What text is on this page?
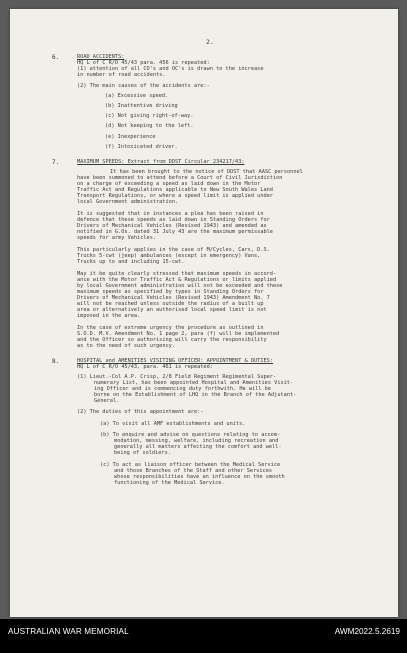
2.
6.	ROAD ACCIDENTS:
HQ L of C R/O 45/43 para. 456 is repeated:
(1) attention of all CO's and OC's is drawn to the increase
in number of road accidents.
(2) The main causes of the accidents are:-
(a) Excessive speed.
(b) Inattentive driving
(c) Not giving right-of-way.
(d) Not keeping to the left.
(e) Inexperience
(f) Intoxicated driver.
7.	MAXIMUM SPEEDS: Extract from DDST Circular 234217/43:
It has been brought to the notice of DDST that AASC personnel
have been summoned to attend before a Court of Civil Jurisdiction
on a charge of exceeding a speed as laid down in the Motor
Traffic Act and Regulations applicable to New South Wales Land
Transport Regulations, or where a speed limit is applied under
local Government administration.
It is suggested that in instances a plea has been raised in
defence that these speeds as laid down in Standing Orders for
Drivers of Mechanical Vehicles (Revised 1943) and amended as
notified in G.Os. dated 31 July 43 are the maximum permissable
speeds for army Vehicles.
This particularly applies in the case of M/Cycles, Cars, D.S.
Trucks 5-cwt (jeep) ambulances (except in emergency) Vans,
Trucks up to and including 15-cwt.
May it be quite clearly stressed that maximum speeds in accord-
ance with the Motor Traffic Act & Regulations or limits applied
by local Government administration will not be exceeded and these
maximum speeds as specified by types in Standing Orders for
Drivers of Mechanical Vehicles (Revised 1943) Amendment No. 7
will not be reached unless outside the radius of a built up
area or alternatively an authorised local speed limit is not
imposed in the area.
In the case of extreme urgency the procedure as outlined in
S.O.D. M.V. Amendment No. 1 page 2, para (f) will be implemented
and the Officer so authorising will carry the responsibility
as to the need of such urgency.
8.	HOSPITAL and AMENITIES VISITING OFFICER: APPOINTMENT & DUTIES:
HQ L of C R/O 45/43, para. 461 is repeated:
(1) Lieut.-Col A.P. Crisp, 2/8 Field Regiment Regimental Super-
numerary List, has been appointed Hospital and Amenities Visit-
ing Officer and is commencing duty forthwith. He will be
borne on the Establishment of LHQ in the Branch of the Adjutant-
General.
(2) The duties of this appointment are:-
(a) To visit all AMF establishments and units.
(b) To enquire and advise on questions relating to accom-
modation, messing, welfare, including recreation and
generally all matters affecting the comfort and well-
being of soldiers.
(c) To act as liaison officer between the Medical Service
and those Branches of the Staff and other Services
whose responsibilities have an influence on the smooth
functioning of the Medical Service.
AUSTRALIAN WAR MEMORIAL	AWM2022.5.2619
